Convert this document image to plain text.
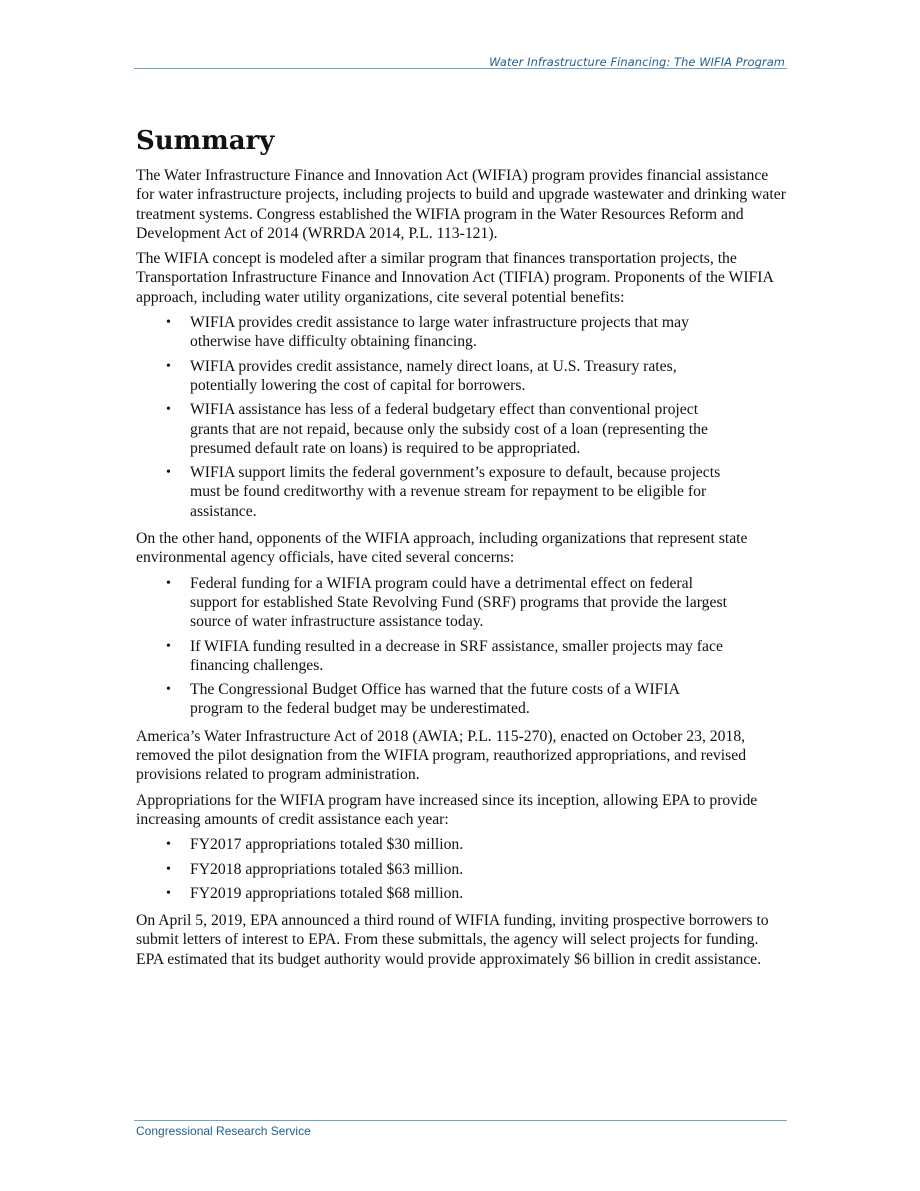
Water Infrastructure Financing: The WIFIA Program
Summary

The Water Infrastructure Finance and Innovation Act (WIFIA) program provides financial assistance for water infrastructure projects, including projects to build and upgrade wastewater and drinking water treatment systems. Congress established the WIFIA program in the Water Resources Reform and Development Act of 2014 (WRRDA 2014, P.L. 113-121).

The WIFIA concept is modeled after a similar program that finances transportation projects, the Transportation Infrastructure Finance and Innovation Act (TIFIA) program. Proponents of the WIFIA approach, including water utility organizations, cite several potential benefits:

• WIFIA provides credit assistance to large water infrastructure projects that may otherwise have difficulty obtaining financing.
• WIFIA provides credit assistance, namely direct loans, at U.S. Treasury rates, potentially lowering the cost of capital for borrowers.
• WIFIA assistance has less of a federal budgetary effect than conventional project grants that are not repaid, because only the subsidy cost of a loan (representing the presumed default rate on loans) is required to be appropriated.
• WIFIA support limits the federal government’s exposure to default, because projects must be found creditworthy with a revenue stream for repayment to be eligible for assistance.

On the other hand, opponents of the WIFIA approach, including organizations that represent state environmental agency officials, have cited several concerns:

• Federal funding for a WIFIA program could have a detrimental effect on federal support for established State Revolving Fund (SRF) programs that provide the largest source of water infrastructure assistance today.
• If WIFIA funding resulted in a decrease in SRF assistance, smaller projects may face financing challenges.
• The Congressional Budget Office has warned that the future costs of a WIFIA program to the federal budget may be underestimated.

America’s Water Infrastructure Act of 2018 (AWIA; P.L. 115-270), enacted on October 23, 2018, removed the pilot designation from the WIFIA program, reauthorized appropriations, and revised provisions related to program administration.

Appropriations for the WIFIA program have increased since its inception, allowing EPA to provide increasing amounts of credit assistance each year:

• FY2017 appropriations totaled $30 million.
• FY2018 appropriations totaled $63 million.
• FY2019 appropriations totaled $68 million.

On April 5, 2019, EPA announced a third round of WIFIA funding, inviting prospective borrowers to submit letters of interest to EPA. From these submittals, the agency will select projects for funding. EPA estimated that its budget authority would provide approximately $6 billion in credit assistance.

Congressional Research Service
